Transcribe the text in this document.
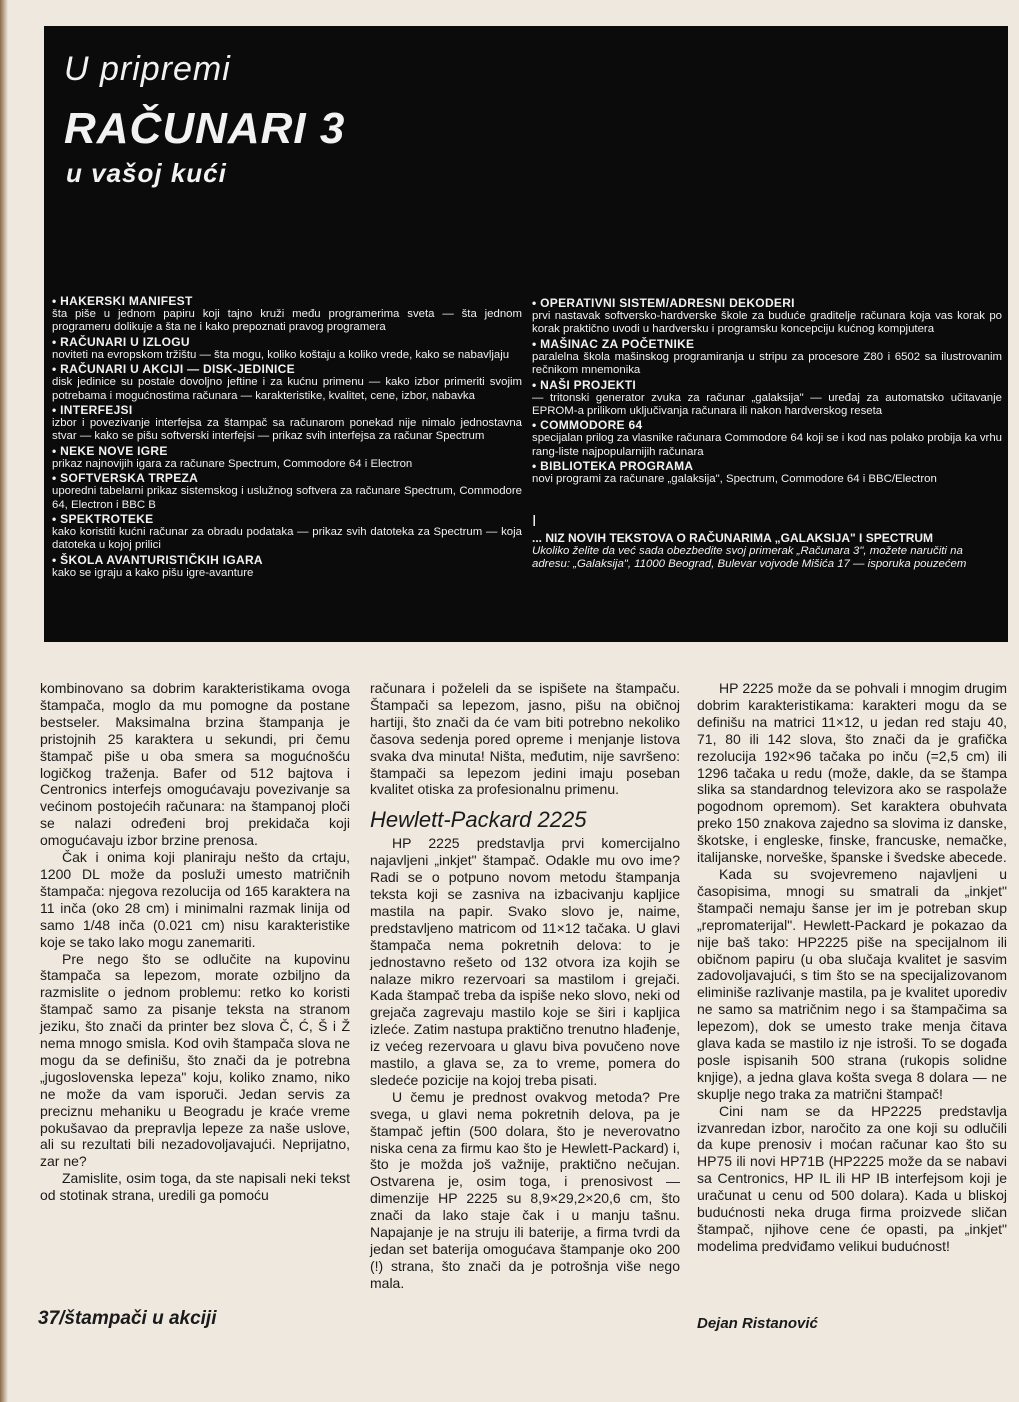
U pripremi
RAČUNARI 3
u vašoj kući
• HAKERSKI MANIFEST
šta piše u jednom papiru koji tajno kruži među programerima sveta — šta jednom programeru dolikuje a šta ne i kako prepoznati pravog programera
• RAČUNARI U IZLOGU
noviteti na evropskom tržištu — šta mogu, koliko koštaju a koliko vrede, kako se nabavljaju
• RAČUNARI U AKCIJI — DISK-JEDINICE
disk jedinice su postale dovoljno jeftine i za kućnu primenu — kako izbor primeriti svojim potrebama i mogućnostima računara — karakteristike, kvalitet, cene, izbor, nabavka
• INTERFEJSI
izbor i povezivanje interfejsa za štampač sa računarom ponekad nije nimalo jednostavna stvar — kako se pišu softverski interfejsi — prikaz svih interfejsa za računar Spectrum
• NEKE NOVE IGRE
prikaz najnovijih igara za računare Spectrum, Commodore 64 i Electron
• SOFTVERSKA TRPEZA
uporedni tabelarni prikaz sistemskog i uslužnog softvera za računare Spectrum, Commodore 64, Electron i BBC B
• SPEKTROTEKE
kako koristiti kućni računar za obradu podataka — prikaz svih datoteka za Spectrum — koja datoteka u kojoj prilici
• ŠKOLA AVANTURISTIČKIH IGARA
kako se igraju a kako pišu igre-avanture
• OPERATIVNI SISTEM/ADRESNI DEKODERI
prvi nastavak softversko-hardverske škole za buduće graditelje računara koja vas korak po korak praktično uvodi u hardversku i programsku koncepciju kućnog kompjutera
• MAŠINAC ZA POČETNIKE
paralelna škola mašinskog programiranja u stripu za procesore Z80 i 6502 sa ilustrovanim rečnikom mnemonika
• NAŠI PROJEKTI
— tritonski generator zvuka za računar „galaksija" — uređaj za automatsko učitavanje EPROM-a prilikom uključivanja računara ili nakon hardverskog reseta
• COMMODORE 64
specijalan prilog za vlasnike računara Commodore 64 koji se i kod nas polako probija ka vrhu rang-liste najpopularnijih računara
• BIBLIOTEKA PROGRAMA
novi programi za računare „galaksija", Spectrum, Commodore 64 i BBC/Electron
I
... NIZ NOVIH TEKSTOVA O RAČUNARIMA „GALAKSIJA" I SPECTRUM
Ukoliko želite da već sada obezbedite svoj primerak „Računara 3", možete naručiti na adresu: „Galaksija", 11000 Beograd, Bulevar vojvode Mišića 17 — isporuka pouzećem

kombinovano sa dobrim karakteristikama ovoga štampača, moglo da mu pomogne da postane bestseler. Maksimalna brzina štampanja je pristojnih 25 karaktera u sekundi, pri čemu štampač piše u oba smera sa mogućnošću logičkog traženja. Bafer od 512 bajtova i Centronics interfejs omogućavaju povezivanje sa većinom postojećih računara: na štampanoj ploči se nalazi određeni broj prekidača koji omogućavaju izbor brzine prenosa.

Čak i onima koji planiraju nešto da crtaju, 1200 DL može da posluži umesto matričnih štampača: njegova rezolucija od 165 karaktera na 11 inča (oko 28 cm) i minimalni razmak linija od samo 1/48 inča (0.021 cm) nisu karakteristike koje se tako lako mogu zanemariti.

Pre nego što se odlučite na kupovinu štampača sa lepezom, morate ozbiljno da razmislite o jednom problemu: retko ko koristi štampač samo za pisanje teksta na stranom jeziku, što znači da printer bez slova Č, Ć, Š i Ž nema mnogo smisla. Kod ovih štampača slova ne mogu da se definišu, što znači da je potrebna „jugoslovenska lepeza" koju, koliko znamo, niko ne može da vam isporuči. Jedan servis za preciznu mehaniku u Beogradu je kraće vreme pokušavao da prepravlja lepeze za naše uslove, ali su rezultati bili nezadovoljavajući. Neprijatno, zar ne?

Zamislite, osim toga, da ste napisali neki tekst od stotinak strana, uredili ga pomoću

računara i poželeli da se ispišete na štampaču. Štampači sa lepezom, jasno, pišu na običnoj hartiji, što znači da će vam biti potrebno nekoliko časova sedenja pored opreme i menjanje listova svaka dva minuta! Ništa, međutim, nije savršeno: štampači sa lepezom jedini imaju poseban kvalitet otiska za profesionalnu primenu.

Hewlett-Packard 2225

HP 2225 predstavlja prvi komercijalno najavljeni „inkjet" štampač. Odakle mu ovo ime? Radi se o potpuno novom metodu štampanja teksta koji se zasniva na izbacivanju kapljice mastila na papir. Svako slovo je, naime, predstavljeno matricom od 11×12 tačaka. U glavi štampača nema pokretnih delova: to je jednostavno rešeto od 132 otvora iza kojih se nalaze mikro rezervoari sa mastilom i grejači. Kada štampač treba da ispiše neko slovo, neki od grejača zagrevaju mastilo koje se širi i kapljica izleće. Zatim nastupa praktično trenutno hlađenje, iz većeg rezervoara u glavu biva povučeno nove mastilo, a glava se, za to vreme, pomera do sledeće pozicije na kojoj treba pisati.

U čemu je prednost ovakvog metoda? Pre svega, u glavi nema pokretnih delova, pa je štampač jeftin (500 dolara, što je neverovatno niska cena za firmu kao što je Hewlett-Packard) i, što je možda još važnije, praktično nečujan. Ostvarena je, osim toga, i prenosivost — dimenzije HP 2225 su 8,9×29,2×20,6 cm, što znači da lako staje čak i u manju tašnu. Napajanje je na struju ili baterije, a firma tvrdi da jedan set baterija omogućava štampanje oko 200 (!) strana, što znači da je potrošnja više nego mala.

HP 2225 može da se pohvali i mnogim drugim dobrim karakteristikama: karakteri mogu da se definišu na matrici 11×12, u jedan red staju 40, 71, 80 ili 142 slova, što znači da je grafička rezolucija 192×96 tačaka po inču (=2,5 cm) ili 1296 tačaka u redu (može, dakle, da se štampa slika sa standardnog televizora ako se raspolaže pogodnom opremom). Set karaktera obuhvata preko 150 znakova zajedno sa slovima iz danske, škotske, i engleske, finske, francuske, nemačke, italijanske, norveške, španske i švedske abecede.

Kada su svojevremeno najavljeni u časopisima, mnogi su smatrali da „inkjet" štampači nemaju šanse jer im je potreban skup „repromaterijal". Hewlett-Packard je pokazao da nije baš tako: HP2225 piše na specijalnom ili običnom papiru (u oba slučaja kvalitet je sasvim zadovoljavajući, s tim što se na specijalizovanom eliminiše razlivanje mastila, pa je kvalitet uporediv ne samo sa matričnim nego i sa štampačima sa lepezom), dok se umesto trake menja čitava glava kada se mastilo iz nje istroši. To se događa posle ispisanih 500 strana (rukopis solidne knjige), a jedna glava košta svega 8 dolara — ne skuplje nego traka za matrični štampač!

Cini nam se da HP2225 predstavlja izvanredan izbor, naročito za one koji su odlučili da kupe prenosiv i moćan računar kao što su HP75 ili novi HP71B (HP2225 može da se nabavi sa Centronics, HP IL ili HP IB interfejsom koji je uračunat u cenu od 500 dolara). Kada u bliskoj budućnosti neka druga firma proizvede sličan štampač, njihove cene će opasti, pa „inkjet" modelima predviđamo velikui budućnost!

37/štampači u akciji	Dejan Ristanović
